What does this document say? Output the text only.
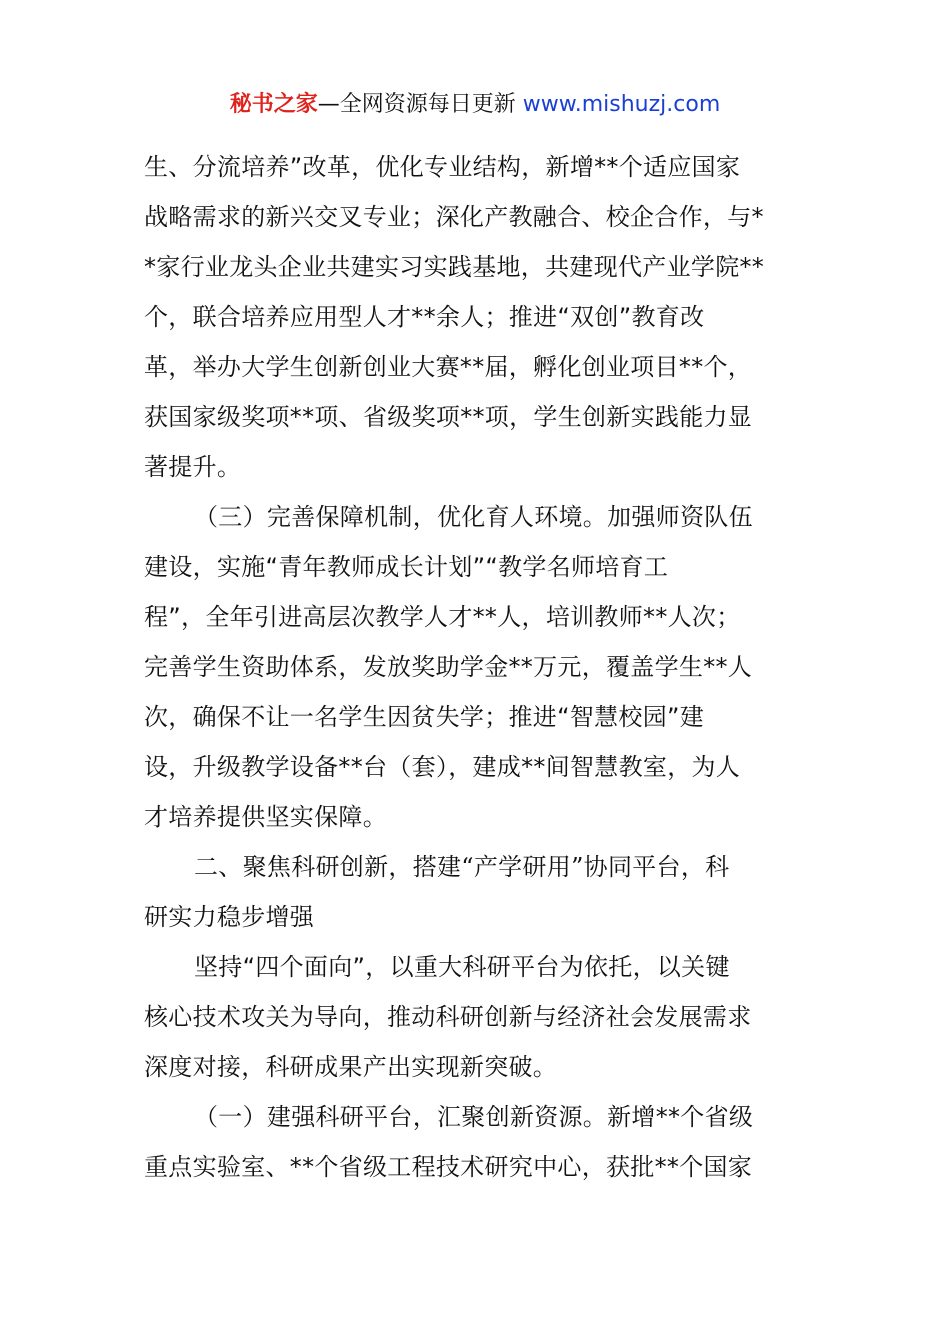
秘书之家—全网资源每日更新 www.mishuzj.com
生、分流培养”改革，优化专业结构，新增**个适应国家
战略需求的新兴交叉专业；深化产教融合、校企合作，与*
*家行业龙头企业共建实习实践基地，共建现代产业学院**
个，联合培养应用型人才**余人；推进“双创”教育改
革，举办大学生创新创业大赛**届，孵化创业项目**个，
获国家级奖项**项、省级奖项**项，学生创新实践能力显
著提升。
（三）完善保障机制，优化育人环境。加强师资队伍
建设，实施“青年教师成长计划”“教学名师培育工
程”，全年引进高层次教学人才**人，培训教师**人次；
完善学生资助体系，发放奖助学金**万元，覆盖学生**人
次，确保不让一名学生因贫失学；推进“智慧校园”建
设，升级教学设备**台（套），建成**间智慧教室，为人
才培养提供坚实保障。
二、聚焦科研创新，搭建“产学研用”协同平台，科
研实力稳步增强
坚持“四个面向”，以重大科研平台为依托，以关键
核心技术攻关为导向，推动科研创新与经济社会发展需求
深度对接，科研成果产出实现新突破。
（一）建强科研平台，汇聚创新资源。新增**个省级
重点实验室、**个省级工程技术研究中心，获批**个国家
